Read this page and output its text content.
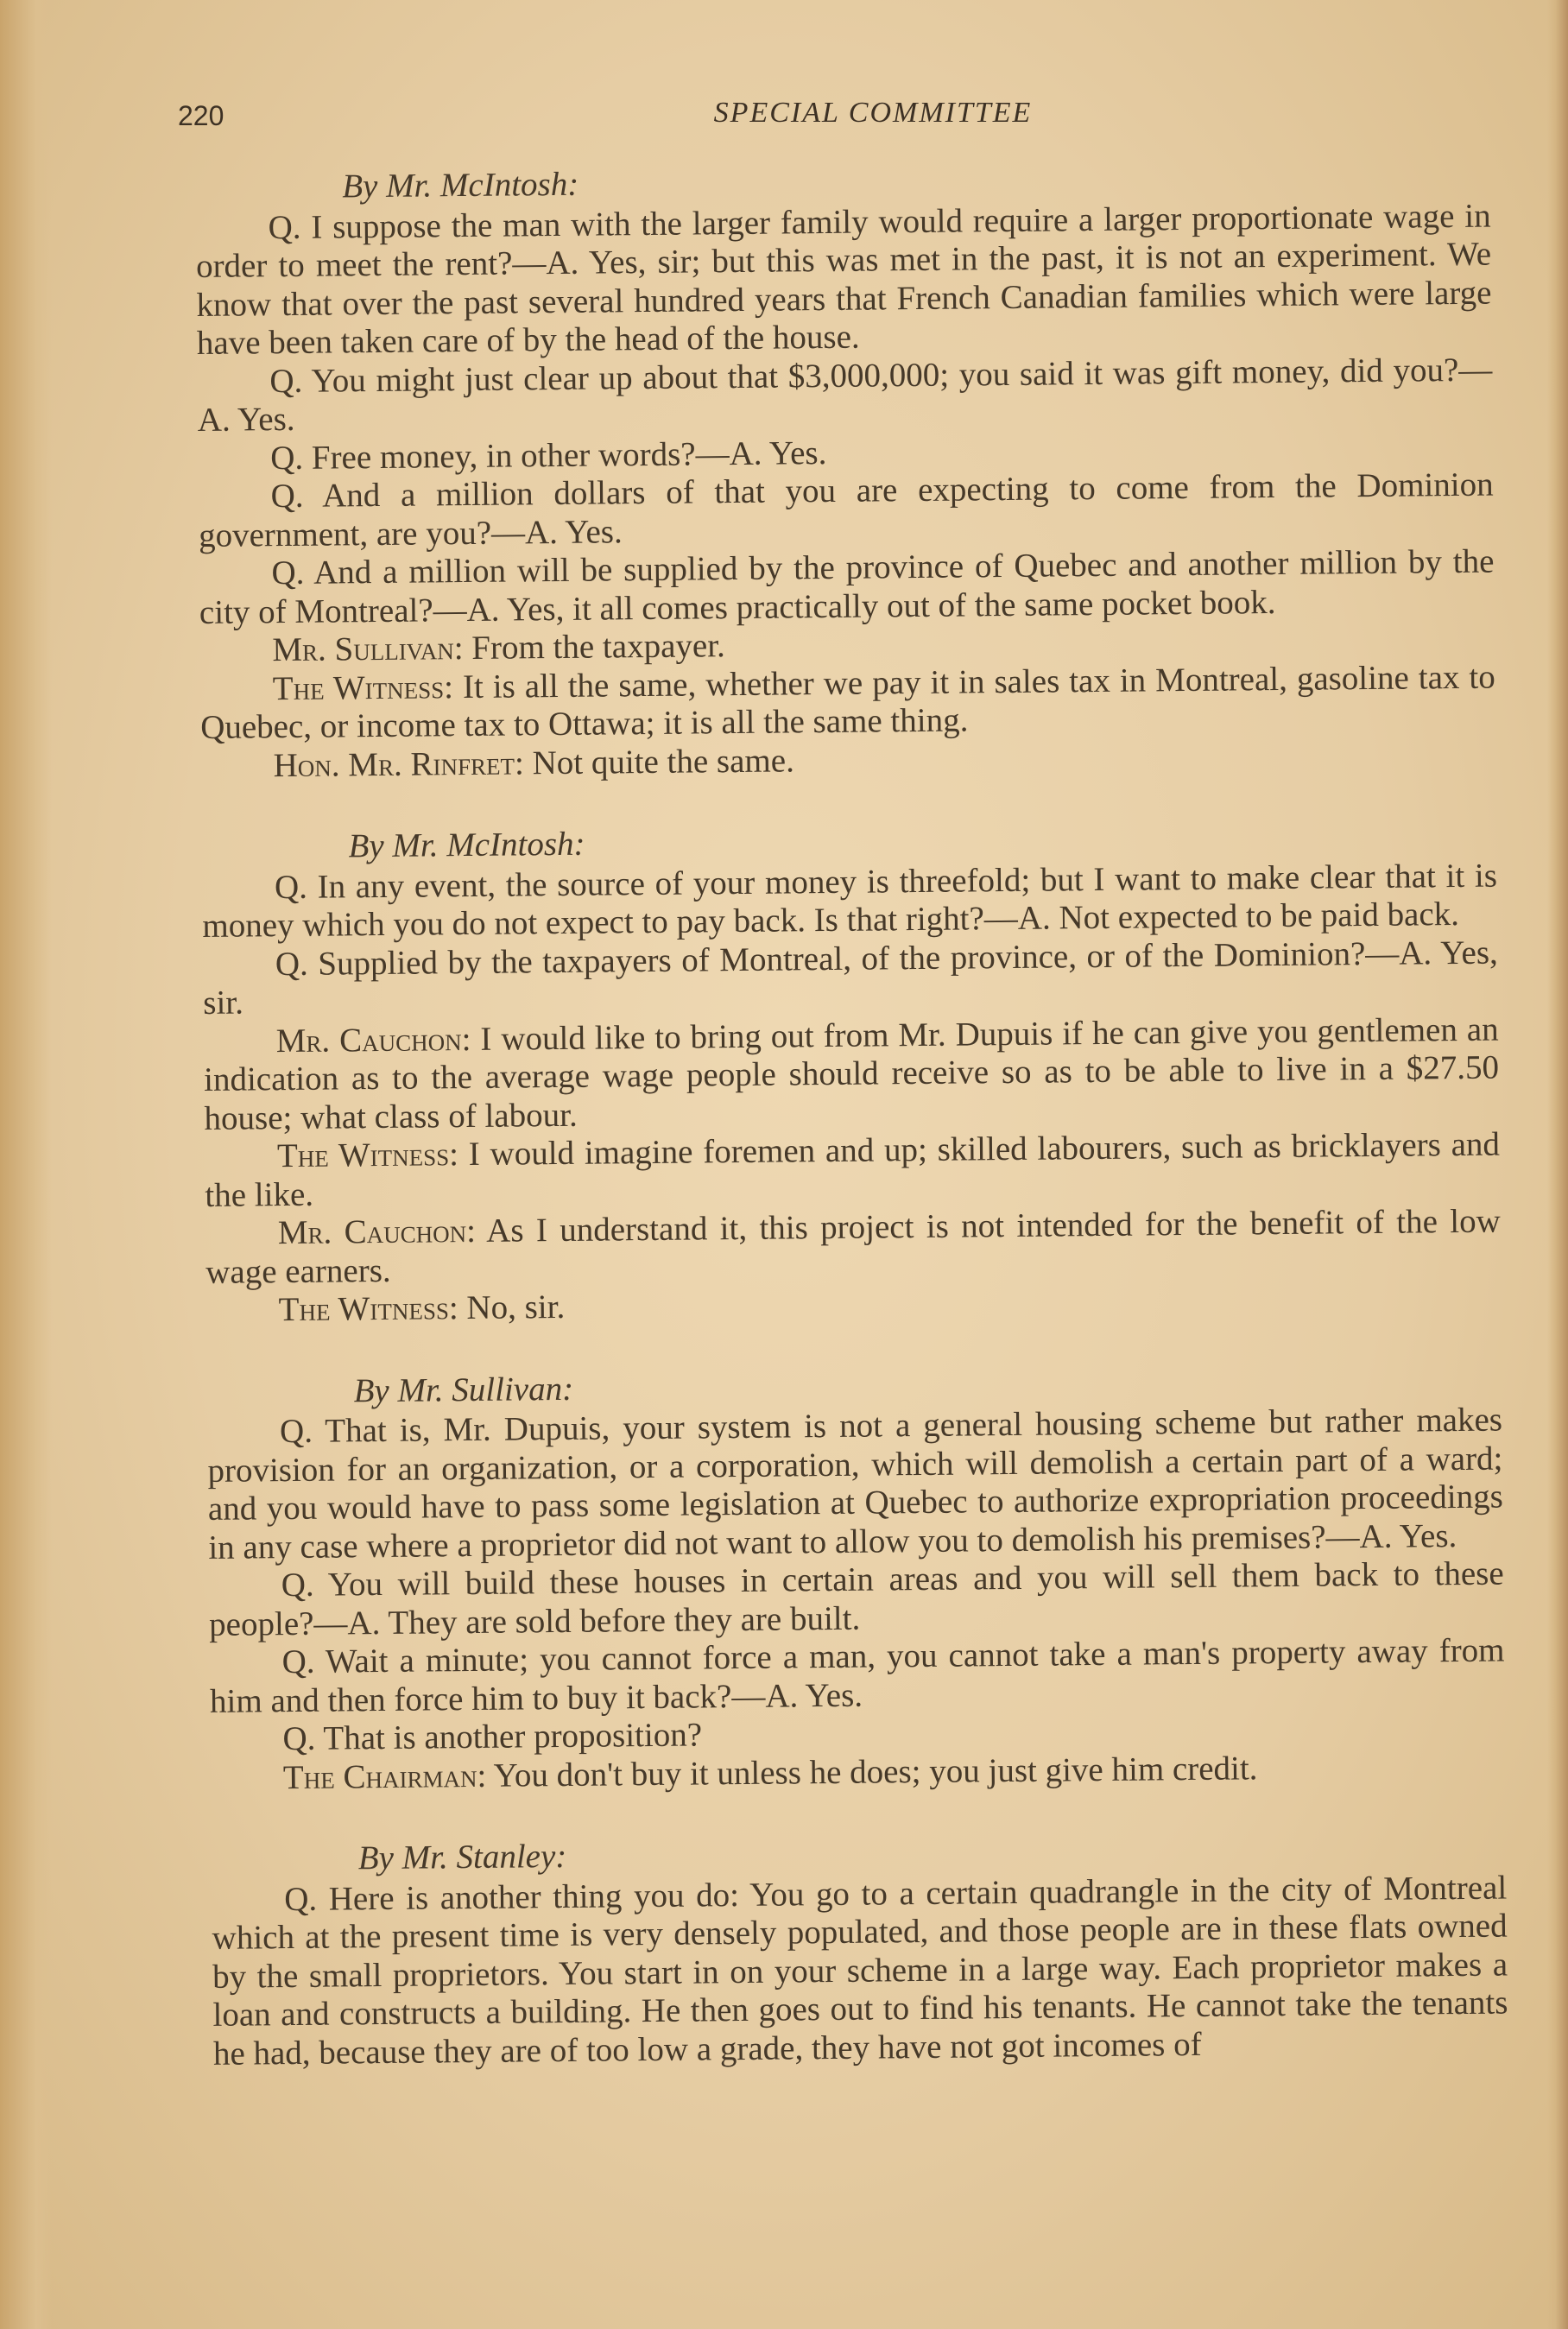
220	SPECIAL COMMITTEE
By Mr. McIntosh:

Q. I suppose the man with the larger family would require a larger proportionate wage in order to meet the rent?—A. Yes, sir; but this was met in the past, it is not an experiment. We know that over the past several hundred years that French Canadian families which were large have been taken care of by the head of the house.

Q. You might just clear up about that $3,000,000; you said it was gift money, did you?—A. Yes.

Q. Free money, in other words?—A. Yes.

Q. And a million dollars of that you are expecting to come from the Dominion government, are you?—A. Yes.

Q. And a million will be supplied by the province of Quebec and another million by the city of Montreal?—A. Yes, it all comes practically out of the same pocket book.

Mr. Sullivan: From the taxpayer.

The Witness: It is all the same, whether we pay it in sales tax in Montreal, gasoline tax to Quebec, or income tax to Ottawa; it is all the same thing.

Hon. Mr. Rinfret: Not quite the same.

By Mr. McIntosh:

Q. In any event, the source of your money is threefold; but I want to make clear that it is money which you do not expect to pay back. Is that right?—A. Not expected to be paid back.

Q. Supplied by the taxpayers of Montreal, of the province, or of the Dominion?—A. Yes, sir.

Mr. Cauchon: I would like to bring out from Mr. Dupuis if he can give you gentlemen an indication as to the average wage people should receive so as to be able to live in a $27.50 house; what class of labour.

The Witness: I would imagine foremen and up; skilled labourers, such as bricklayers and the like.

Mr. Cauchon: As I understand it, this project is not intended for the benefit of the low wage earners.

The Witness: No, sir.

By Mr. Sullivan:

Q. That is, Mr. Dupuis, your system is not a general housing scheme but rather makes provision for an organization, or a corporation, which will demolish a certain part of a ward; and you would have to pass some legislation at Quebec to authorize expropriation proceedings in any case where a proprietor did not want to allow you to demolish his premises?—A. Yes.

Q. You will build these houses in certain areas and you will sell them back to these people?—A. They are sold before they are built.

Q. Wait a minute; you cannot force a man, you cannot take a man's property away from him and then force him to buy it back?—A. Yes.

Q. That is another proposition?

The Chairman: You don't buy it unless he does; you just give him credit.

By Mr. Stanley:

Q. Here is another thing you do: You go to a certain quadrangle in the city of Montreal which at the present time is very densely populated, and those people are in these flats owned by the small proprietors. You start in on your scheme in a large way. Each proprietor makes a loan and constructs a building. He then goes out to find his tenants. He cannot take the tenants he had, because they are of too low a grade, they have not got incomes of
